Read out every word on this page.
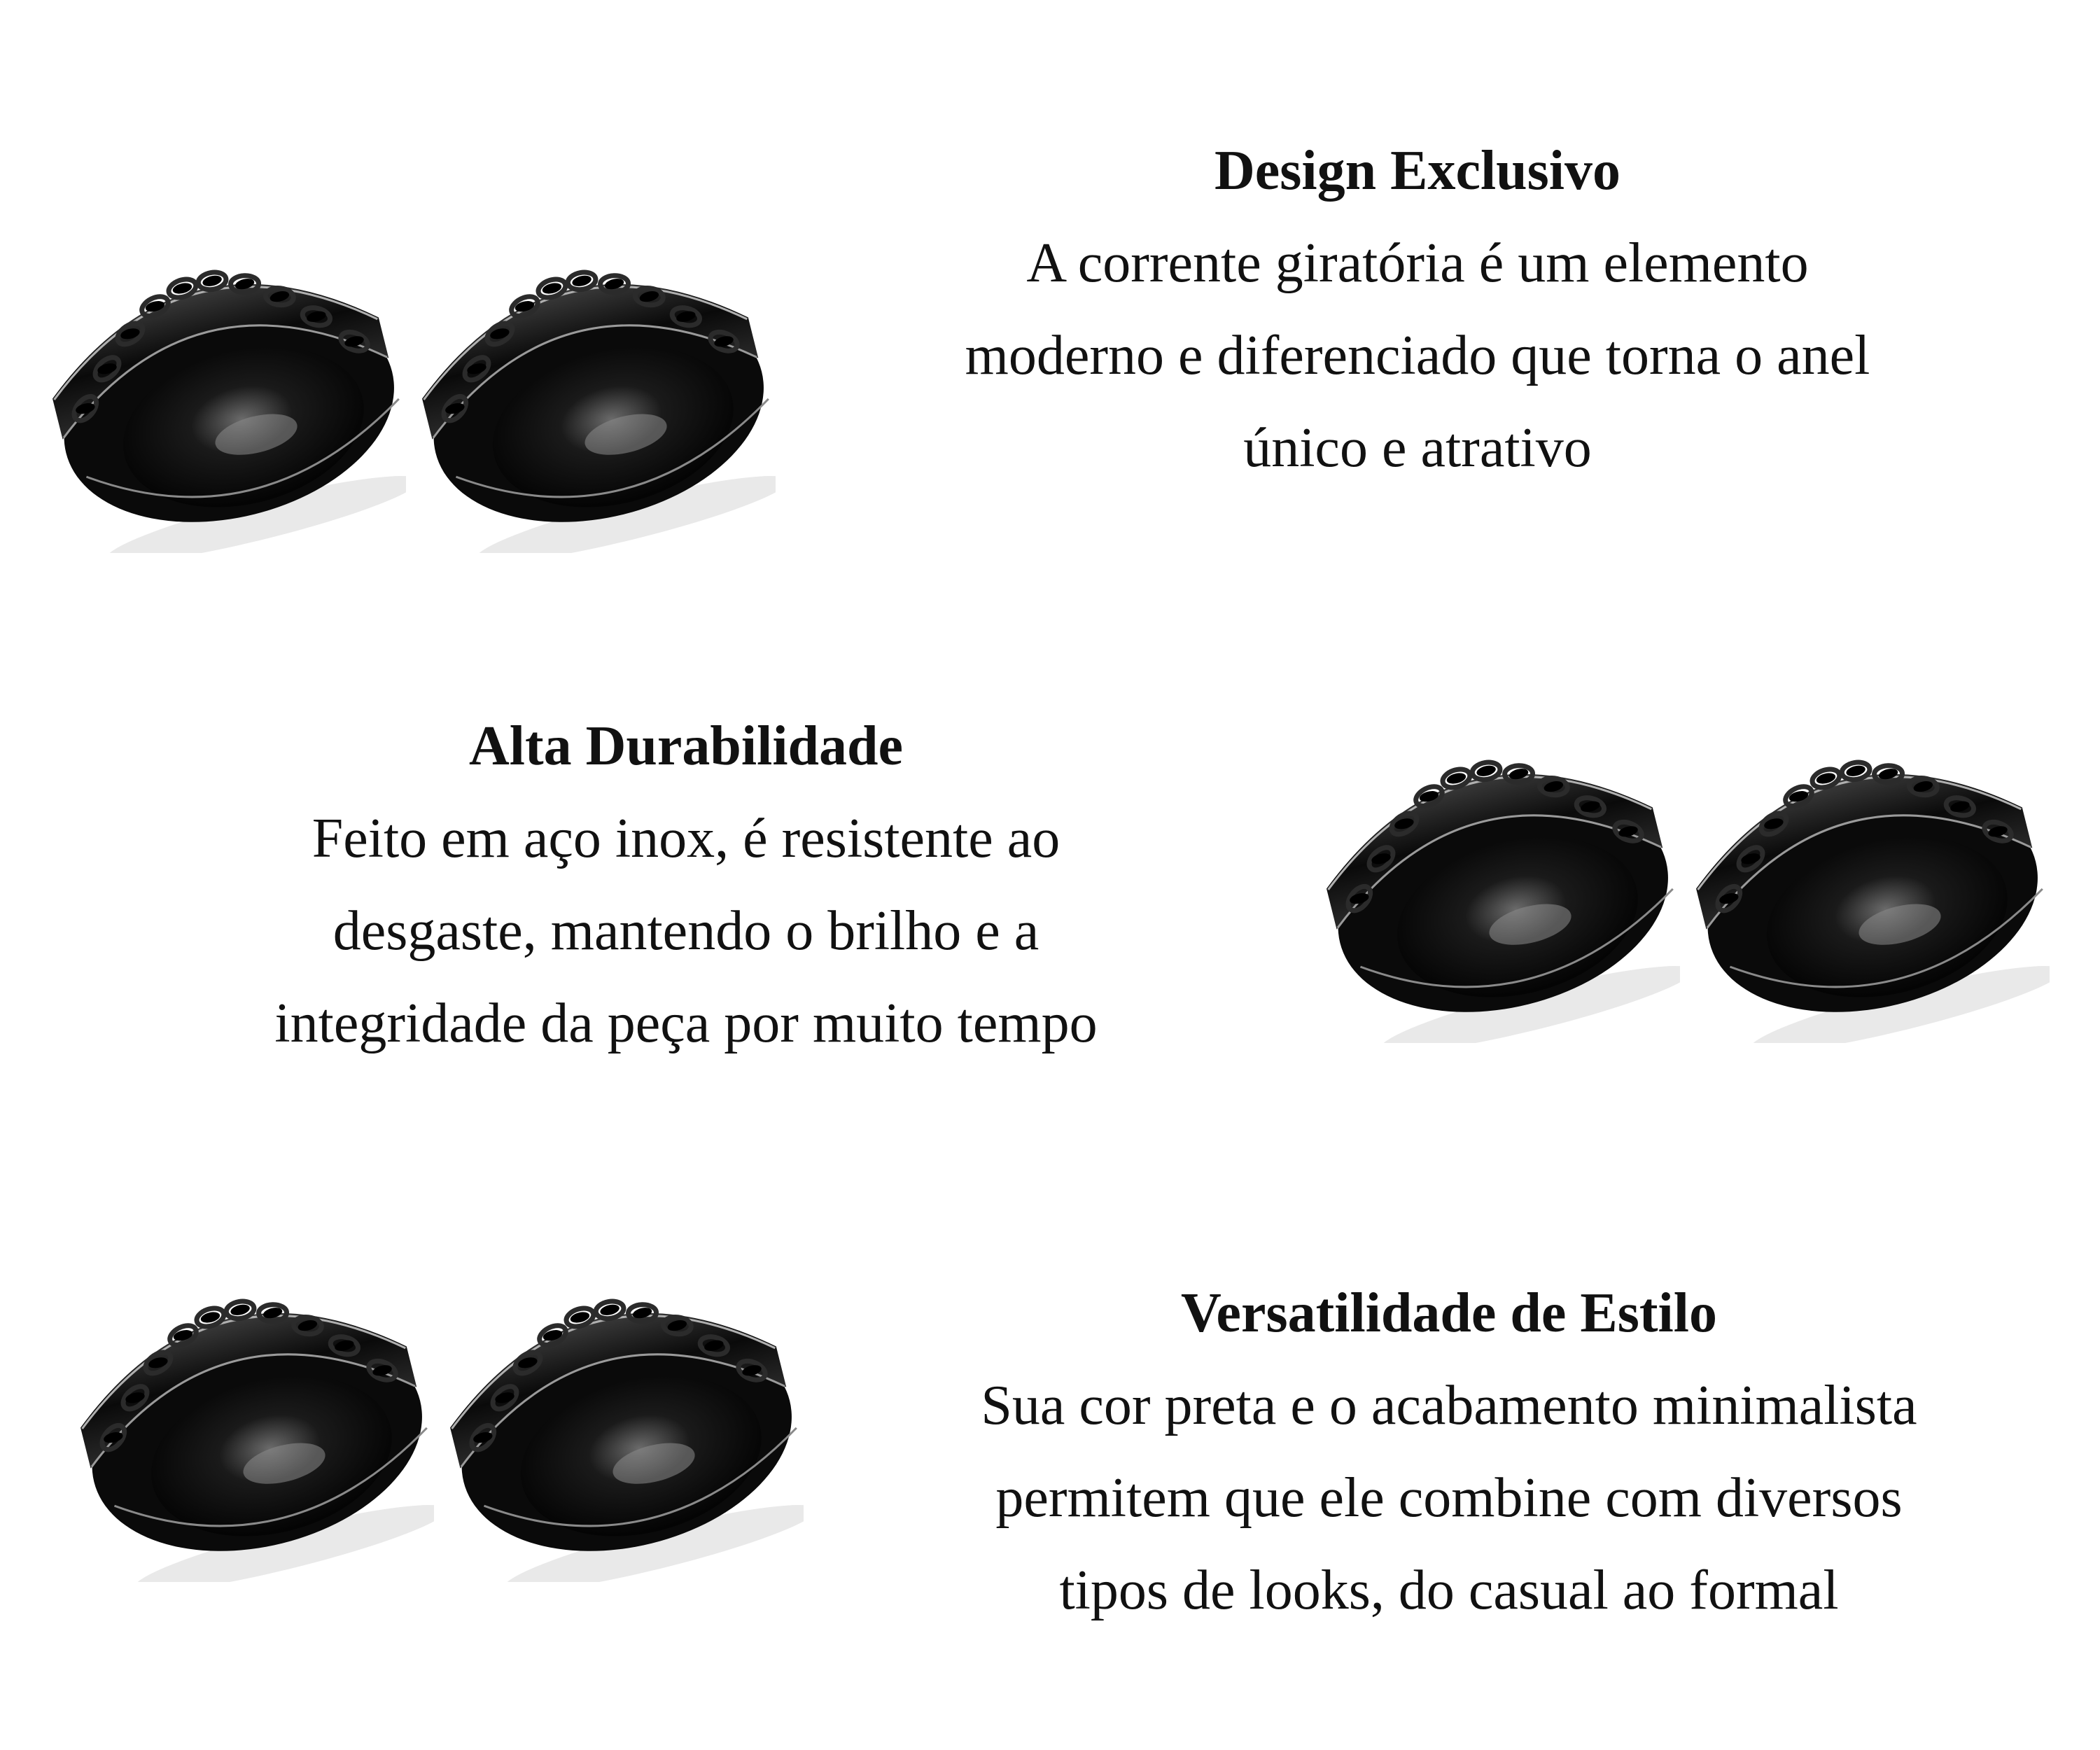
Design Exclusivo

A corrente giratória é um elemento

moderno e diferenciado que torna o anel

único e atrativo

Alta Durabilidade

Feito em aço inox, é resistente ao

desgaste, mantendo o brilho e a

integridade da peça por muito tempo

Versatilidade de Estilo

Sua cor preta e o acabamento minimalista

permitem que ele combine com diversos

tipos de looks, do casual ao formal
